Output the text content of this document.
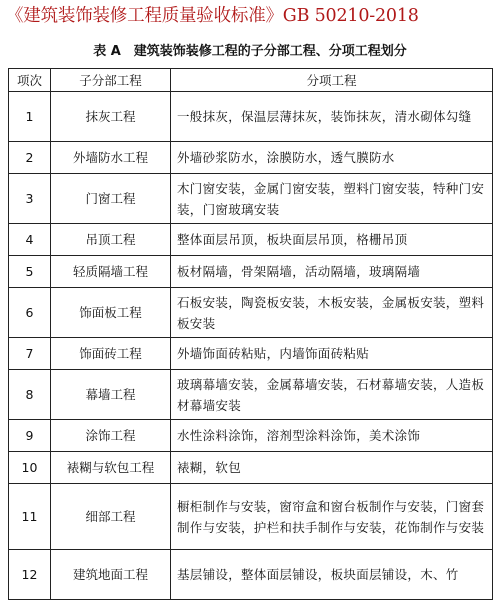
《建筑装饰装修工程质量验收标准》GB 50210-2018
表 A　建筑装饰装修工程的子分部工程、分项工程划分
项次	子分部工程	分项工程
1	抹灰工程	一般抹灰，保温层薄抹灰，装饰抹灰，清水砌体勾缝
2	外墙防水工程	外墙砂浆防水，涂膜防水，透气膜防水
3	门窗工程	木门窗安装，金属门窗安装，塑料门窗安装，特种门安装，门窗玻璃安装
4	吊顶工程	整体面层吊顶，板块面层吊顶，格栅吊顶
5	轻质隔墙工程	板材隔墙，骨架隔墙，活动隔墙，玻璃隔墙
6	饰面板工程	石板安装，陶瓷板安装，木板安装，金属板安装，塑料板安装
7	饰面砖工程	外墙饰面砖粘贴，内墙饰面砖粘贴
8	幕墙工程	玻璃幕墙安装，金属幕墙安装，石材幕墙安装，人造板材幕墙安装
9	涂饰工程	水性涂料涂饰，溶剂型涂料涂饰，美术涂饰
10	裱糊与软包工程	裱糊，软包
11	细部工程	橱柜制作与安装，窗帘盒和窗台板制作与安装，门窗套制作与安装，护栏和扶手制作与安装，花饰制作与安装
12	建筑地面工程	基层铺设，整体面层铺设，板块面层铺设，木、竹
